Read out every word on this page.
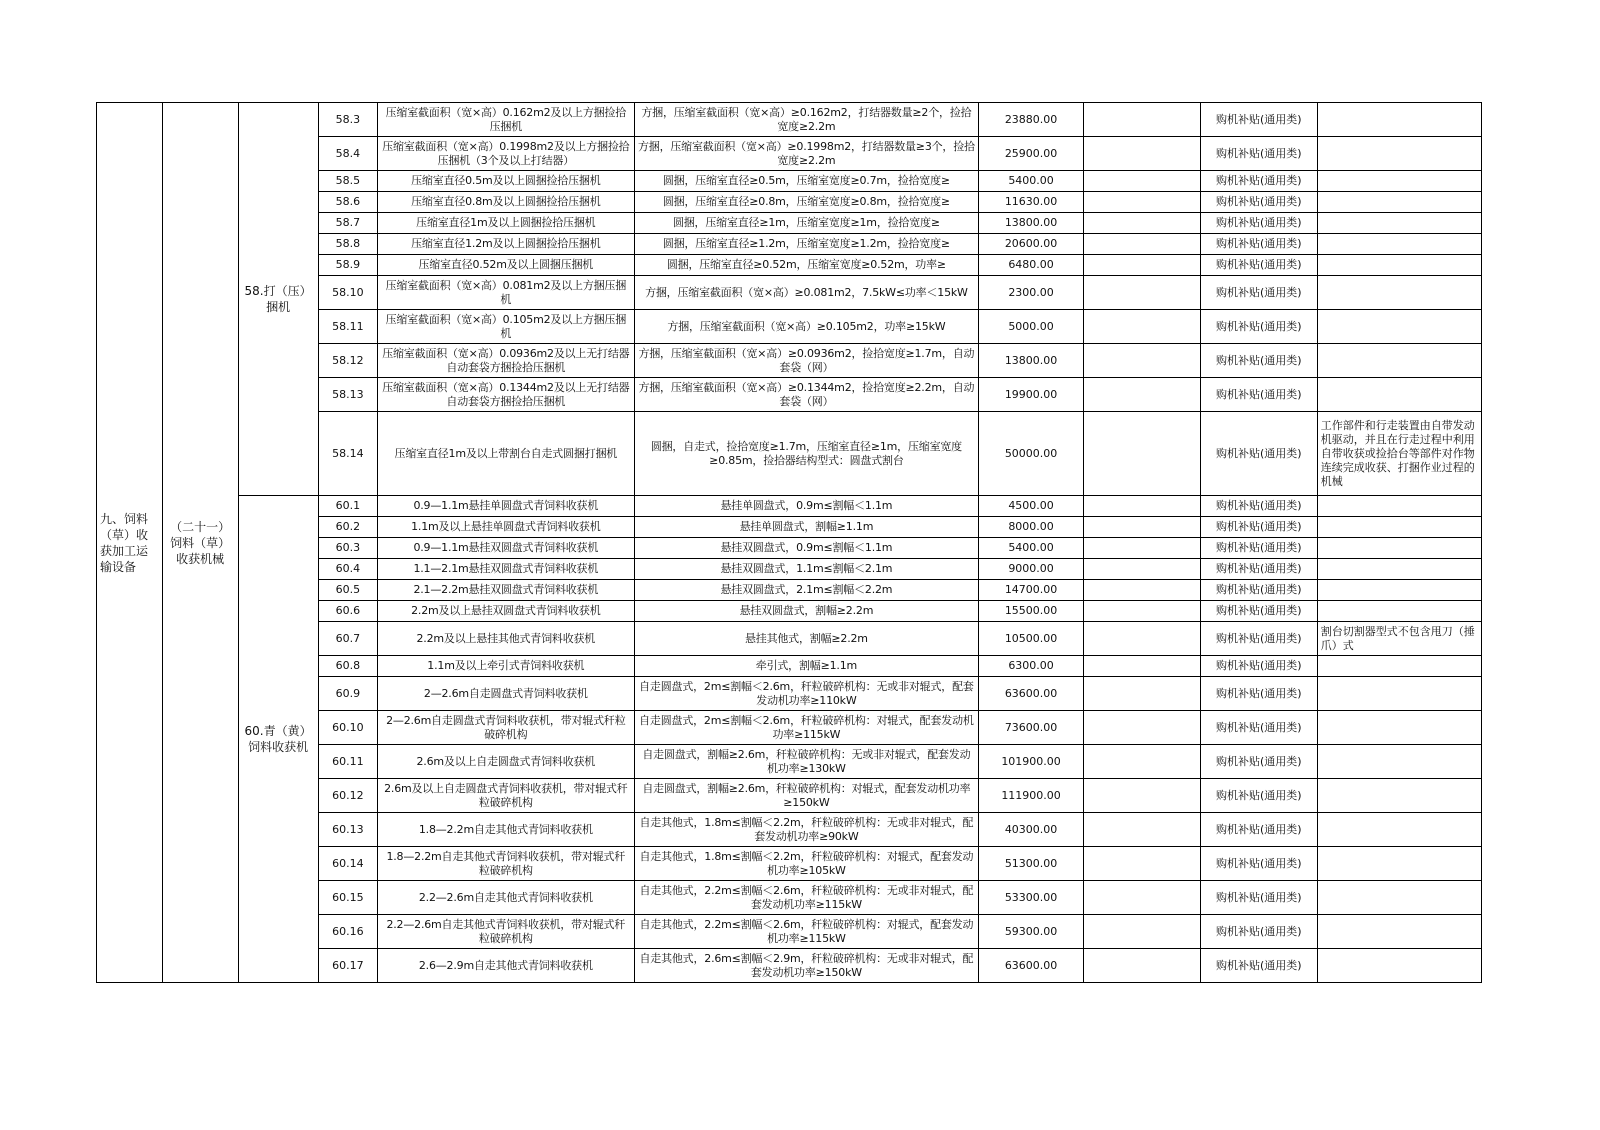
九、饲料（草）收获加工运输设备	（二十一）饲料（草）收获机械	58.打（压）捆机	58.3	压缩室截面积（宽×高）0.162m2及以上方捆捡拾压捆机	方捆，压缩室截面积（宽×高）≥0.162m2，打结器数量≥2个，捡拾宽度≥2.2m	23880.00		购机补贴(通用类)	
			58.4	压缩室截面积（宽×高）0.1998m2及以上方捆捡拾压捆机（3个及以上打结器）	方捆，压缩室截面积（宽×高）≥0.1998m2，打结器数量≥3个，捡拾宽度≥2.2m	25900.00		购机补贴(通用类)	
			58.5	压缩室直径0.5m及以上圆捆捡拾压捆机	圆捆，压缩室直径≥0.5m，压缩室宽度≥0.7m，捡拾宽度≥	5400.00		购机补贴(通用类)	
			58.6	压缩室直径0.8m及以上圆捆捡拾压捆机	圆捆，压缩室直径≥0.8m，压缩室宽度≥0.8m，捡拾宽度≥	11630.00		购机补贴(通用类)	
			58.7	压缩室直径1m及以上圆捆捡拾压捆机	圆捆，压缩室直径≥1m，压缩室宽度≥1m，捡拾宽度≥	13800.00		购机补贴(通用类)	
			58.8	压缩室直径1.2m及以上圆捆捡拾压捆机	圆捆，压缩室直径≥1.2m，压缩室宽度≥1.2m，捡拾宽度≥	20600.00		购机补贴(通用类)	
			58.9	压缩室直径0.52m及以上圆捆压捆机	圆捆，压缩室直径≥0.52m，压缩室宽度≥0.52m，功率≥	6480.00		购机补贴(通用类)	
			58.10	压缩室截面积（宽×高）0.081m2及以上方捆压捆机	方捆，压缩室截面积（宽×高）≥0.081m2，7.5kW≤功率＜15kW	2300.00		购机补贴(通用类)	
			58.11	压缩室截面积（宽×高）0.105m2及以上方捆压捆机	方捆，压缩室截面积（宽×高）≥0.105m2，功率≥15kW	5000.00		购机补贴(通用类)	
			58.12	压缩室截面积（宽×高）0.0936m2及以上无打结器自动套袋方捆捡拾压捆机	方捆，压缩室截面积（宽×高）≥0.0936m2，捡拾宽度≥1.7m，自动套袋（网）	13800.00		购机补贴(通用类)	
			58.13	压缩室截面积（宽×高）0.1344m2及以上无打结器自动套袋方捆捡拾压捆机	方捆，压缩室截面积（宽×高）≥0.1344m2，捡拾宽度≥2.2m，自动套袋（网）	19900.00		购机补贴(通用类)	
			58.14	压缩室直径1m及以上带割台自走式圆捆打捆机	圆捆，自走式，捡拾宽度≥1.7m，压缩室直径≥1m，压缩室宽度≥0.85m，捡拾器结构型式：圆盘式割台	50000.00		购机补贴(通用类)	工作部件和行走装置由自带发动机驱动，并且在行走过程中利用自带收获或捡拾台等部件对作物连续完成收获、打捆作业过程的机械
		60.青（黄）饲料收获机	60.1	0.9—1.1m悬挂单圆盘式青饲料收获机	悬挂单圆盘式，0.9m≤割幅＜1.1m	4500.00		购机补贴(通用类)	
			60.2	1.1m及以上悬挂单圆盘式青饲料收获机	悬挂单圆盘式，割幅≥1.1m	8000.00		购机补贴(通用类)	
			60.3	0.9—1.1m悬挂双圆盘式青饲料收获机	悬挂双圆盘式，0.9m≤割幅＜1.1m	5400.00		购机补贴(通用类)	
			60.4	1.1—2.1m悬挂双圆盘式青饲料收获机	悬挂双圆盘式，1.1m≤割幅＜2.1m	9000.00		购机补贴(通用类)	
			60.5	2.1—2.2m悬挂双圆盘式青饲料收获机	悬挂双圆盘式，2.1m≤割幅＜2.2m	14700.00		购机补贴(通用类)	
			60.6	2.2m及以上悬挂双圆盘式青饲料收获机	悬挂双圆盘式，割幅≥2.2m	15500.00		购机补贴(通用类)	
			60.7	2.2m及以上悬挂其他式青饲料收获机	悬挂其他式，割幅≥2.2m	10500.00		购机补贴(通用类)	割台切割器型式不包含甩刀（捶爪）式
			60.8	1.1m及以上牵引式青饲料收获机	牵引式，割幅≥1.1m	6300.00		购机补贴(通用类)	
			60.9	2—2.6m自走圆盘式青饲料收获机	自走圆盘式，2m≤割幅＜2.6m，秆粒破碎机构：无或非对辊式，配套发动机功率≥110kW	63600.00		购机补贴(通用类)	
			60.10	2—2.6m自走圆盘式青饲料收获机，带对辊式秆粒破碎机构	自走圆盘式，2m≤割幅＜2.6m，秆粒破碎机构：对辊式，配套发动机功率≥115kW	73600.00		购机补贴(通用类)	
			60.11	2.6m及以上自走圆盘式青饲料收获机	自走圆盘式，割幅≥2.6m，秆粒破碎机构：无或非对辊式，配套发动机功率≥130kW	101900.00		购机补贴(通用类)	
			60.12	2.6m及以上自走圆盘式青饲料收获机，带对辊式秆粒破碎机构	自走圆盘式，割幅≥2.6m，秆粒破碎机构：对辊式，配套发动机功率≥150kW	111900.00		购机补贴(通用类)	
			60.13	1.8—2.2m自走其他式青饲料收获机	自走其他式，1.8m≤割幅＜2.2m，秆粒破碎机构：无或非对辊式，配套发动机功率≥90kW	40300.00		购机补贴(通用类)	
			60.14	1.8—2.2m自走其他式青饲料收获机，带对辊式秆粒破碎机构	自走其他式，1.8m≤割幅＜2.2m，秆粒破碎机构：对辊式，配套发动机功率≥105kW	51300.00		购机补贴(通用类)	
			60.15	2.2—2.6m自走其他式青饲料收获机	自走其他式，2.2m≤割幅＜2.6m，秆粒破碎机构：无或非对辊式，配套发动机功率≥115kW	53300.00		购机补贴(通用类)	
			60.16	2.2—2.6m自走其他式青饲料收获机，带对辊式秆粒破碎机构	自走其他式，2.2m≤割幅＜2.6m，秆粒破碎机构：对辊式，配套发动机功率≥115kW	59300.00		购机补贴(通用类)	
			60.17	2.6—2.9m自走其他式青饲料收获机	自走其他式，2.6m≤割幅＜2.9m，秆粒破碎机构：无或非对辊式，配套发动机功率≥150kW	63600.00		购机补贴(通用类)	
